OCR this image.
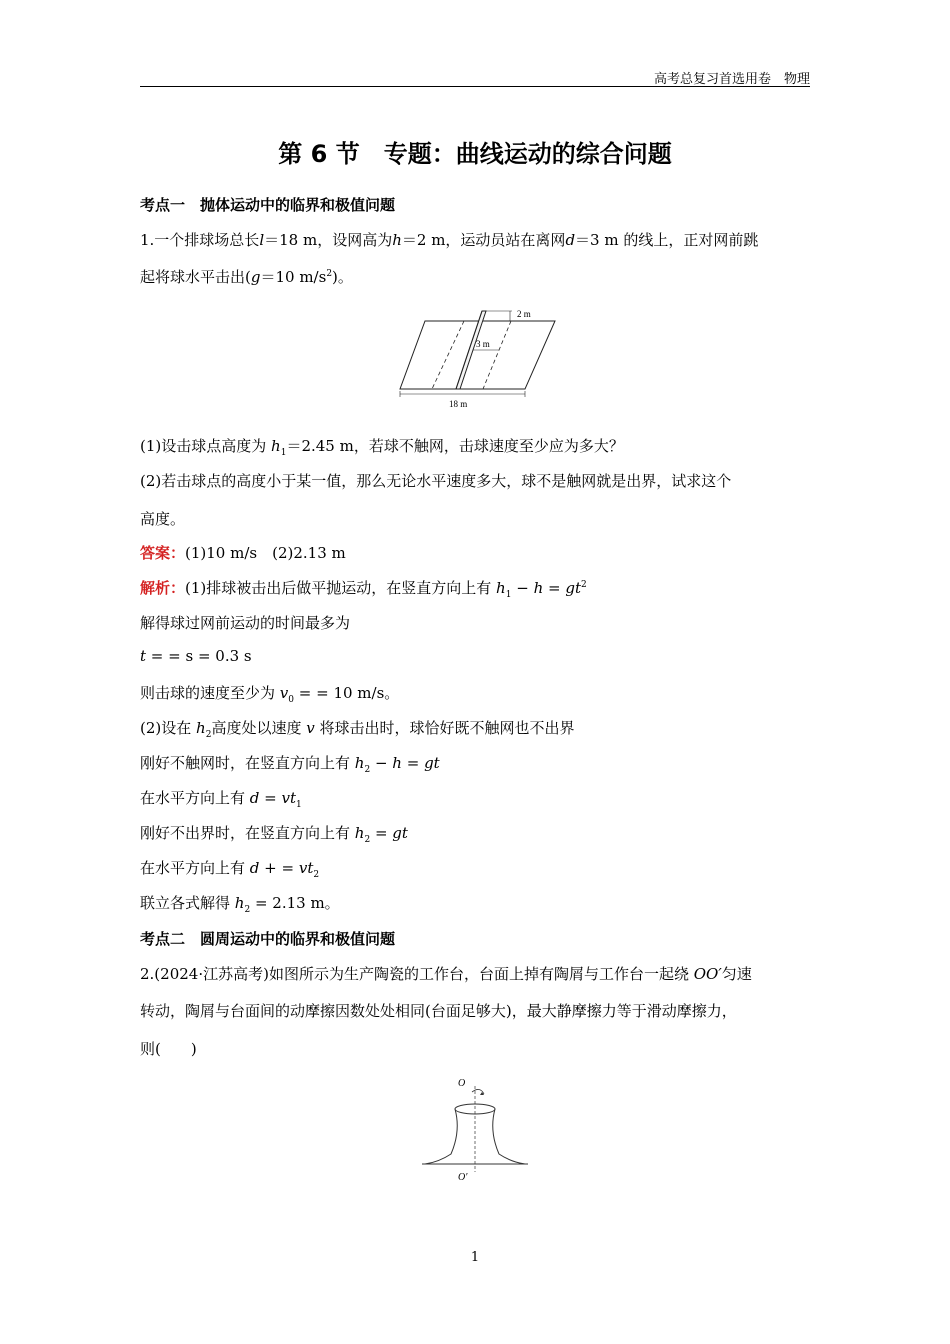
高考总复习首选用卷　物理
第 6 节　专题：曲线运动的综合问题
考点一　抛体运动中的临界和极值问题
1.一个排球场总长l＝18 m，设网高为h＝2 m，运动员站在离网d＝3 m 的线上，正对网前跳
起将球水平击出(g＝10 $m/s^2$)。
2 m
3 m
18 m
(1)设击球点高度为 $h_1=2.45$ m，若球不触网，击球速度至少应为多大？
(2)若击球点的高度小于某一值，那么无论水平速度多大，球不是触网就是出界，试求这个
高度。
答案：(1)10 m/s　(2)2.13 m
解析：(1)排球被击出后做平抛运动，在竖直方向上有 $h_1 - h = gt^2$
解得球过网前运动的时间最多为
t = = s = 0.3 s
则击球的速度至少为 $v_0$ = = 10 m/s。
(2)设在 $h_2$高度处以速度 v 将球击出时，球恰好既不触网也不出界
刚好不触网时，在竖直方向上有 $h_2 - h$ = gt
在水平方向上有 $d = vt_1$
刚好不出界时，在竖直方向上有 $h_2$ = gt
在水平方向上有 d + = $vt_2$
联立各式解得 $h_2 = 2.13$ m。
考点二　圆周运动中的临界和极值问题
2.(2024·江苏高考)如图所示为生产陶瓷的工作台，台面上掉有陶屑与工作台一起绕 OO′匀速
转动，陶屑与台面间的动摩擦因数处处相同(台面足够大)，最大静摩擦力等于滑动摩擦力，
则(　　)
O
O′
1
